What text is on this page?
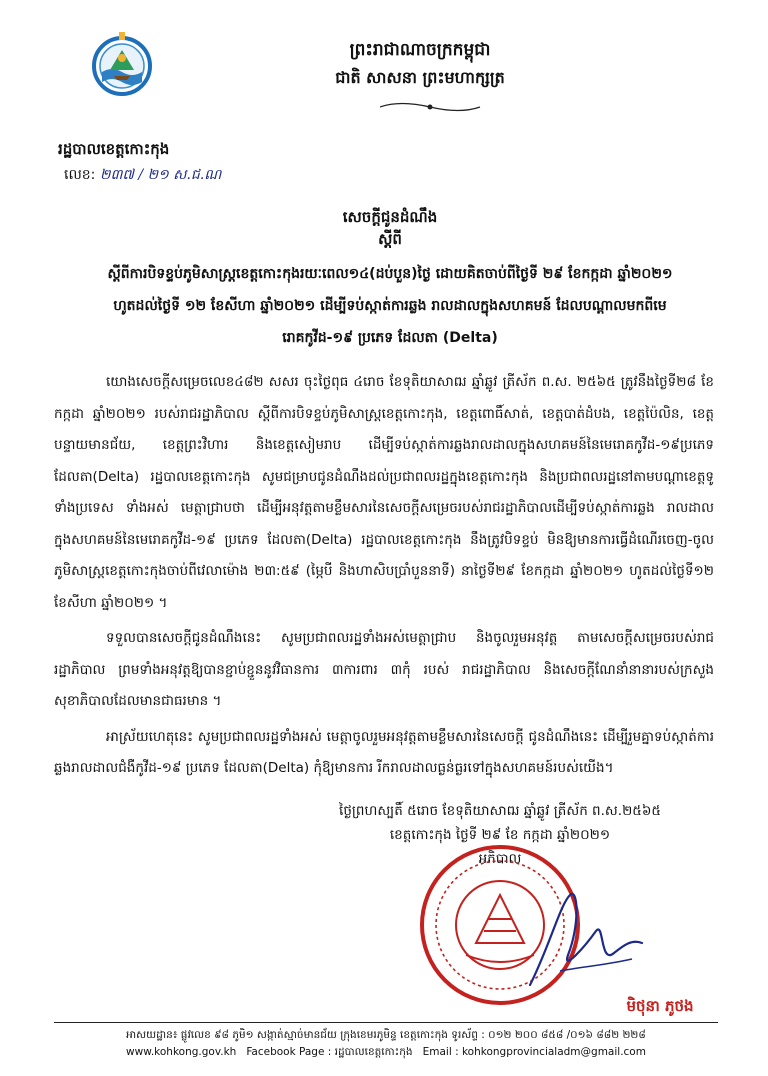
ព្រះរាជាណាចក្រកម្ពុជា
ជាតិ សាសនា ព្រះមហាក្សត្រ
រដ្ឋបាលខេត្តកោះកុង
លេខ: ២៣៧ / ២១ ស.ជ.ណ
សេចក្តីជូនដំណឹង
ស្តីពី
ស្តីពីការបិទខ្ទប់ភូមិសាស្ត្រខេត្តកោះកុងរយៈពេល១៤(ដប់បួន)ថ្ងៃ ដោយគិតចាប់ពីថ្ងៃទី ២៩ ខែកក្កដា ឆ្នាំ២០២១ ហូតដល់ថ្ងៃទី ១២ ខែសីហា ឆ្នាំ២០២១ ដើម្បីទប់ស្កាត់ការឆ្លង រាលដាលក្នុងសហគមន៍ ដែលបណ្តាលមកពីមេរោគកូវីដ-១៩ ប្រភេទ ដែលតា (Delta)

យោងសេចក្តីសម្រេចលេខ៤៨២ សសរ ចុះថ្ងៃពុធ ៤រោច ខែទុតិយាសាឍ ឆ្នាំឆ្លូវ ត្រីស័ក ព.ស. ២៥៦៥ ត្រូវនឹងថ្ងៃទី២៨ ខែកក្កដា ឆ្នាំ២០២១ របស់រាជរដ្ឋាភិបាល ស្តីពីការបិទខ្ទប់ភូមិសាស្ត្រខេត្តកោះកុង, ខេត្តពោធិ៍សាត់, ខេត្តបាត់ដំបង, ខេត្តប៉ៃលិន, ខេត្តបន្ទាយមានជ័យ, ខេត្តព្រះវិហារ និងខេត្តសៀមរាប ដើម្បីទប់ស្កាត់ការឆ្លងរាលដាលក្នុងសហគមន៍នៃមេរោគកូវីដ-១៩ប្រភេទ ដែលតា(Delta) រដ្ឋបាលខេត្តកោះកុង សូមជម្រាបជូនដំណឹងដល់ប្រជាពលរដ្ឋក្នុងខេត្តកោះកុង និងប្រជាពលរដ្ឋនៅតាមបណ្តាខេត្តទូទាំងប្រទេស ទាំងអស់ មេត្តាជ្រាបថា ដើម្បីអនុវត្តតាមខ្លឹមសារនៃសេចក្តីសម្រេចរបស់រាជរដ្ឋាភិបាលដើម្បីទប់ស្កាត់ការឆ្លង រាលដាលក្នុងសហគមន៍នៃមេរោគកូវីដ-១៩ ប្រភេទ ដែលតា(Delta) រដ្ឋបាលខេត្តកោះកុង នឹងត្រូវបិទខ្ទប់ មិនឱ្យមានការធ្វើដំណើរចេញ-ចូលភូមិសាស្ត្រខេត្តកោះកុងចាប់ពីវេលាម៉ោង ២៣:៥៩ (ម្ភៃបី និងហាសិបប្រាំបួននាទី) នាថ្ងៃទី២៩ ខែកក្កដា ឆ្នាំ២០២១ ហូតដល់ថ្ងៃទី១២ ខែសីហា ឆ្នាំ២០២១ ។

ទទួលបានសេចក្តីជូនដំណឹងនេះ សូមប្រជាពលរដ្ឋទាំងអស់មេត្តាជ្រាប និងចូលរួមអនុវត្ត តាមសេចក្តីសម្រេចរបស់រាជរដ្ឋាភិបាល ព្រមទាំងអនុវត្តឱ្យបានខ្ជាប់ខ្ជួននូវវិធានការ ៣ការពារ ៣កុំ របស់ រាជរដ្ឋាភិបាល និងសេចក្តីណែនាំនានារបស់ក្រសួងសុខាភិបាលដែលមានជាធរមាន ។

អាស្រ័យហេតុនេះ សូមប្រជាពលរដ្ឋទាំងអស់ មេត្តាចូលរួមអនុវត្តតាមខ្លឹមសារនៃសេចក្តី ជូនដំណឹងនេះ ដើម្បីរួមគ្នាទប់ស្កាត់ការឆ្លងរាលដាលជំងឺកូវីដ-១៩ ប្រភេទ ដែលតា(Delta) កុំឱ្យមានការ រីករាលដាលធ្ងន់ធ្ងរទៅក្នុងសហគមន៍របស់យើង។

ថ្ងៃព្រហស្បតិ៍ ៥រោច ខែទុតិយាសាឍ ឆ្នាំឆ្លូវ ត្រីស័ក ព.ស.២៥៦៥
ខេត្តកោះកុង ថ្ងៃទី ២៩ ខែ កក្កដា ឆ្នាំ២០២១
អភិបាល
មិថុនា ភូថង
អាសយដ្ឋាន៖ ផ្លូវលេខ ៩៨ ភូមិ១ សង្កាត់ស្មាច់មានជ័យ ក្រុងខេមរភូមិន្ទ ខេត្តកោះកុង ទូរស័ព្ទ : ០១២ ២០០ ៨៥៨ /០១៦ ៨៨២ ២២៨
www.kohkong.gov.kh Facebook Page : រដ្ឋបាលខេត្តកោះកុង Email : kohkongprovincialadm@gmail.com
